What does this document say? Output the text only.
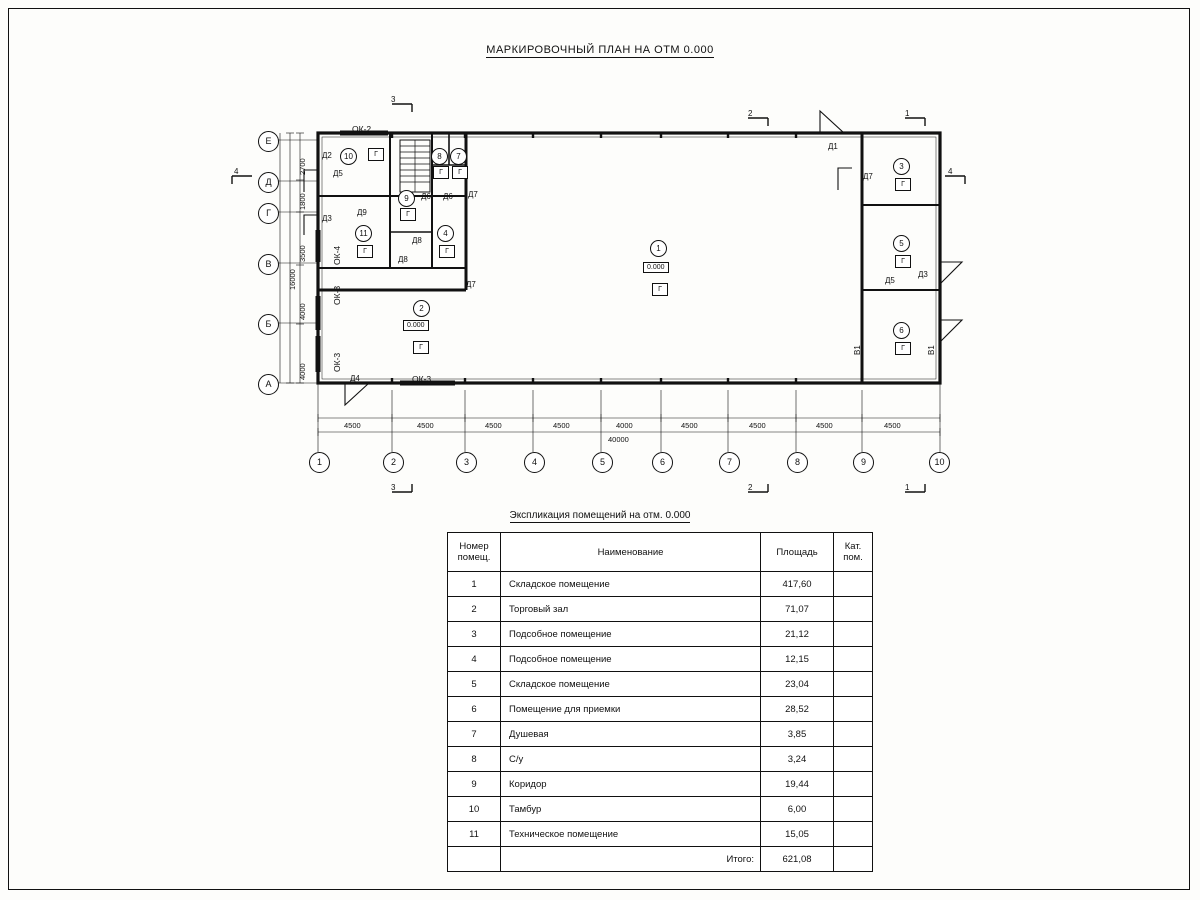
МАРКИРОВОЧНЫЙ ПЛАН НА ОТМ 0.000
Е
Д
Г
В
Б
А
1	2	3	4	5	6	7	8	9	10
2700
1800
3500
4000
4000
16000
4500	4500	4500	4500	4000	4500	4500	4500	4500
40000
3
2	1
4	4
3	2	1
1
0.000
Г
2
0.000
Г
3
Г
4
Г
5
Г
6
Г
7
Г
8
Г
9
Г
10	Г
11
Г
ОК-2
ОК-3
ОК-3
ОК-3
ОК-4
Д1
Д2
Д3
Д4
Д5
Д5
Д6 Д6 Д7
Д7
Д7
Д8
Д8
Д9
Д3
В1	В1
Экспликация помещений на отм. 0.000
Номер помещ.	Наименование	Площадь	Кат. пом.
1	Складское помещение	417,60	
2	Торговый зал	71,07	
3	Подсобное помещение	21,12	
4	Подсобное помещение	12,15	
5	Складское помещение	23,04	
6	Помещение для приемки	28,52	
7	Душевая	3,85	
8	С/у	3,24	
9	Коридор	19,44	
10	Тамбур	6,00	
11	Техническое помещение	15,05	
	Итого:	621,08	
